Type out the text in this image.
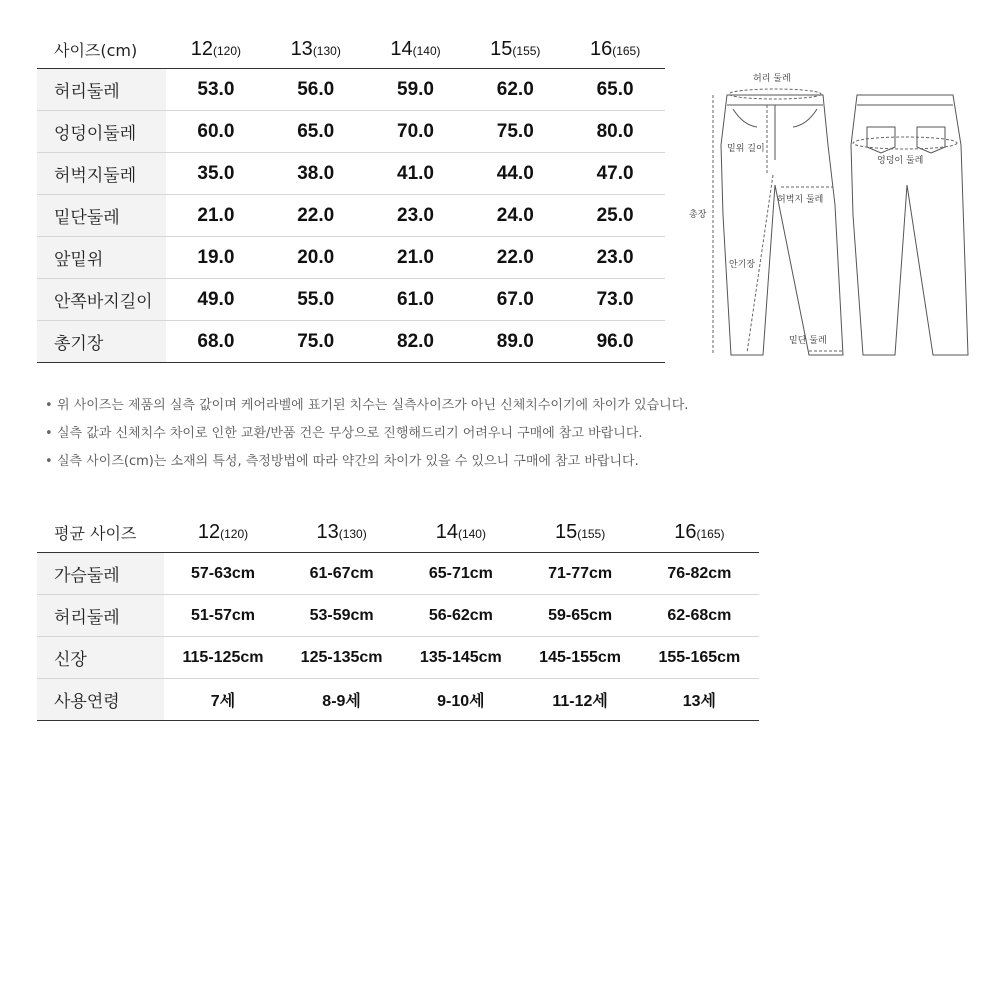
사이즈(cm)	12(120)	13(130)	14(140)	15(155)	16(165)
허리둘레	53.0	56.0	59.0	62.0	65.0
엉덩이둘레	60.0	65.0	70.0	75.0	80.0
허벅지둘레	35.0	38.0	41.0	44.0	47.0
밑단둘레	21.0	22.0	23.0	24.0	25.0
앞밑위	19.0	20.0	21.0	22.0	23.0
안쪽바지길이	49.0	55.0	61.0	67.0	73.0
총기장	68.0	75.0	82.0	89.0	96.0
허리 둘레
밑위 길이
엉덩이 둘레
허벅지 둘레
총장
안기장
밑단 둘레
• 위 사이즈는 제품의 실측 값이며 케어라벨에 표기된 치수는 실측사이즈가 아닌 신체치수이기에 차이가 있습니다.
• 실측 값과 신체치수 차이로 인한 교환/반품 건은 무상으로 진행해드리기 어려우니 구매에 참고 바랍니다.
• 실측 사이즈(cm)는 소재의 특성, 측정방법에 따라 약간의 차이가 있을 수 있으니 구매에 참고 바랍니다.
평균 사이즈	12(120)	13(130)	14(140)	15(155)	16(165)
가슴둘레	57-63cm	61-67cm	65-71cm	71-77cm	76-82cm
허리둘레	51-57cm	53-59cm	56-62cm	59-65cm	62-68cm
신장	115-125cm	125-135cm	135-145cm	145-155cm	155-165cm
사용연령	7세	8-9세	9-10세	11-12세	13세
